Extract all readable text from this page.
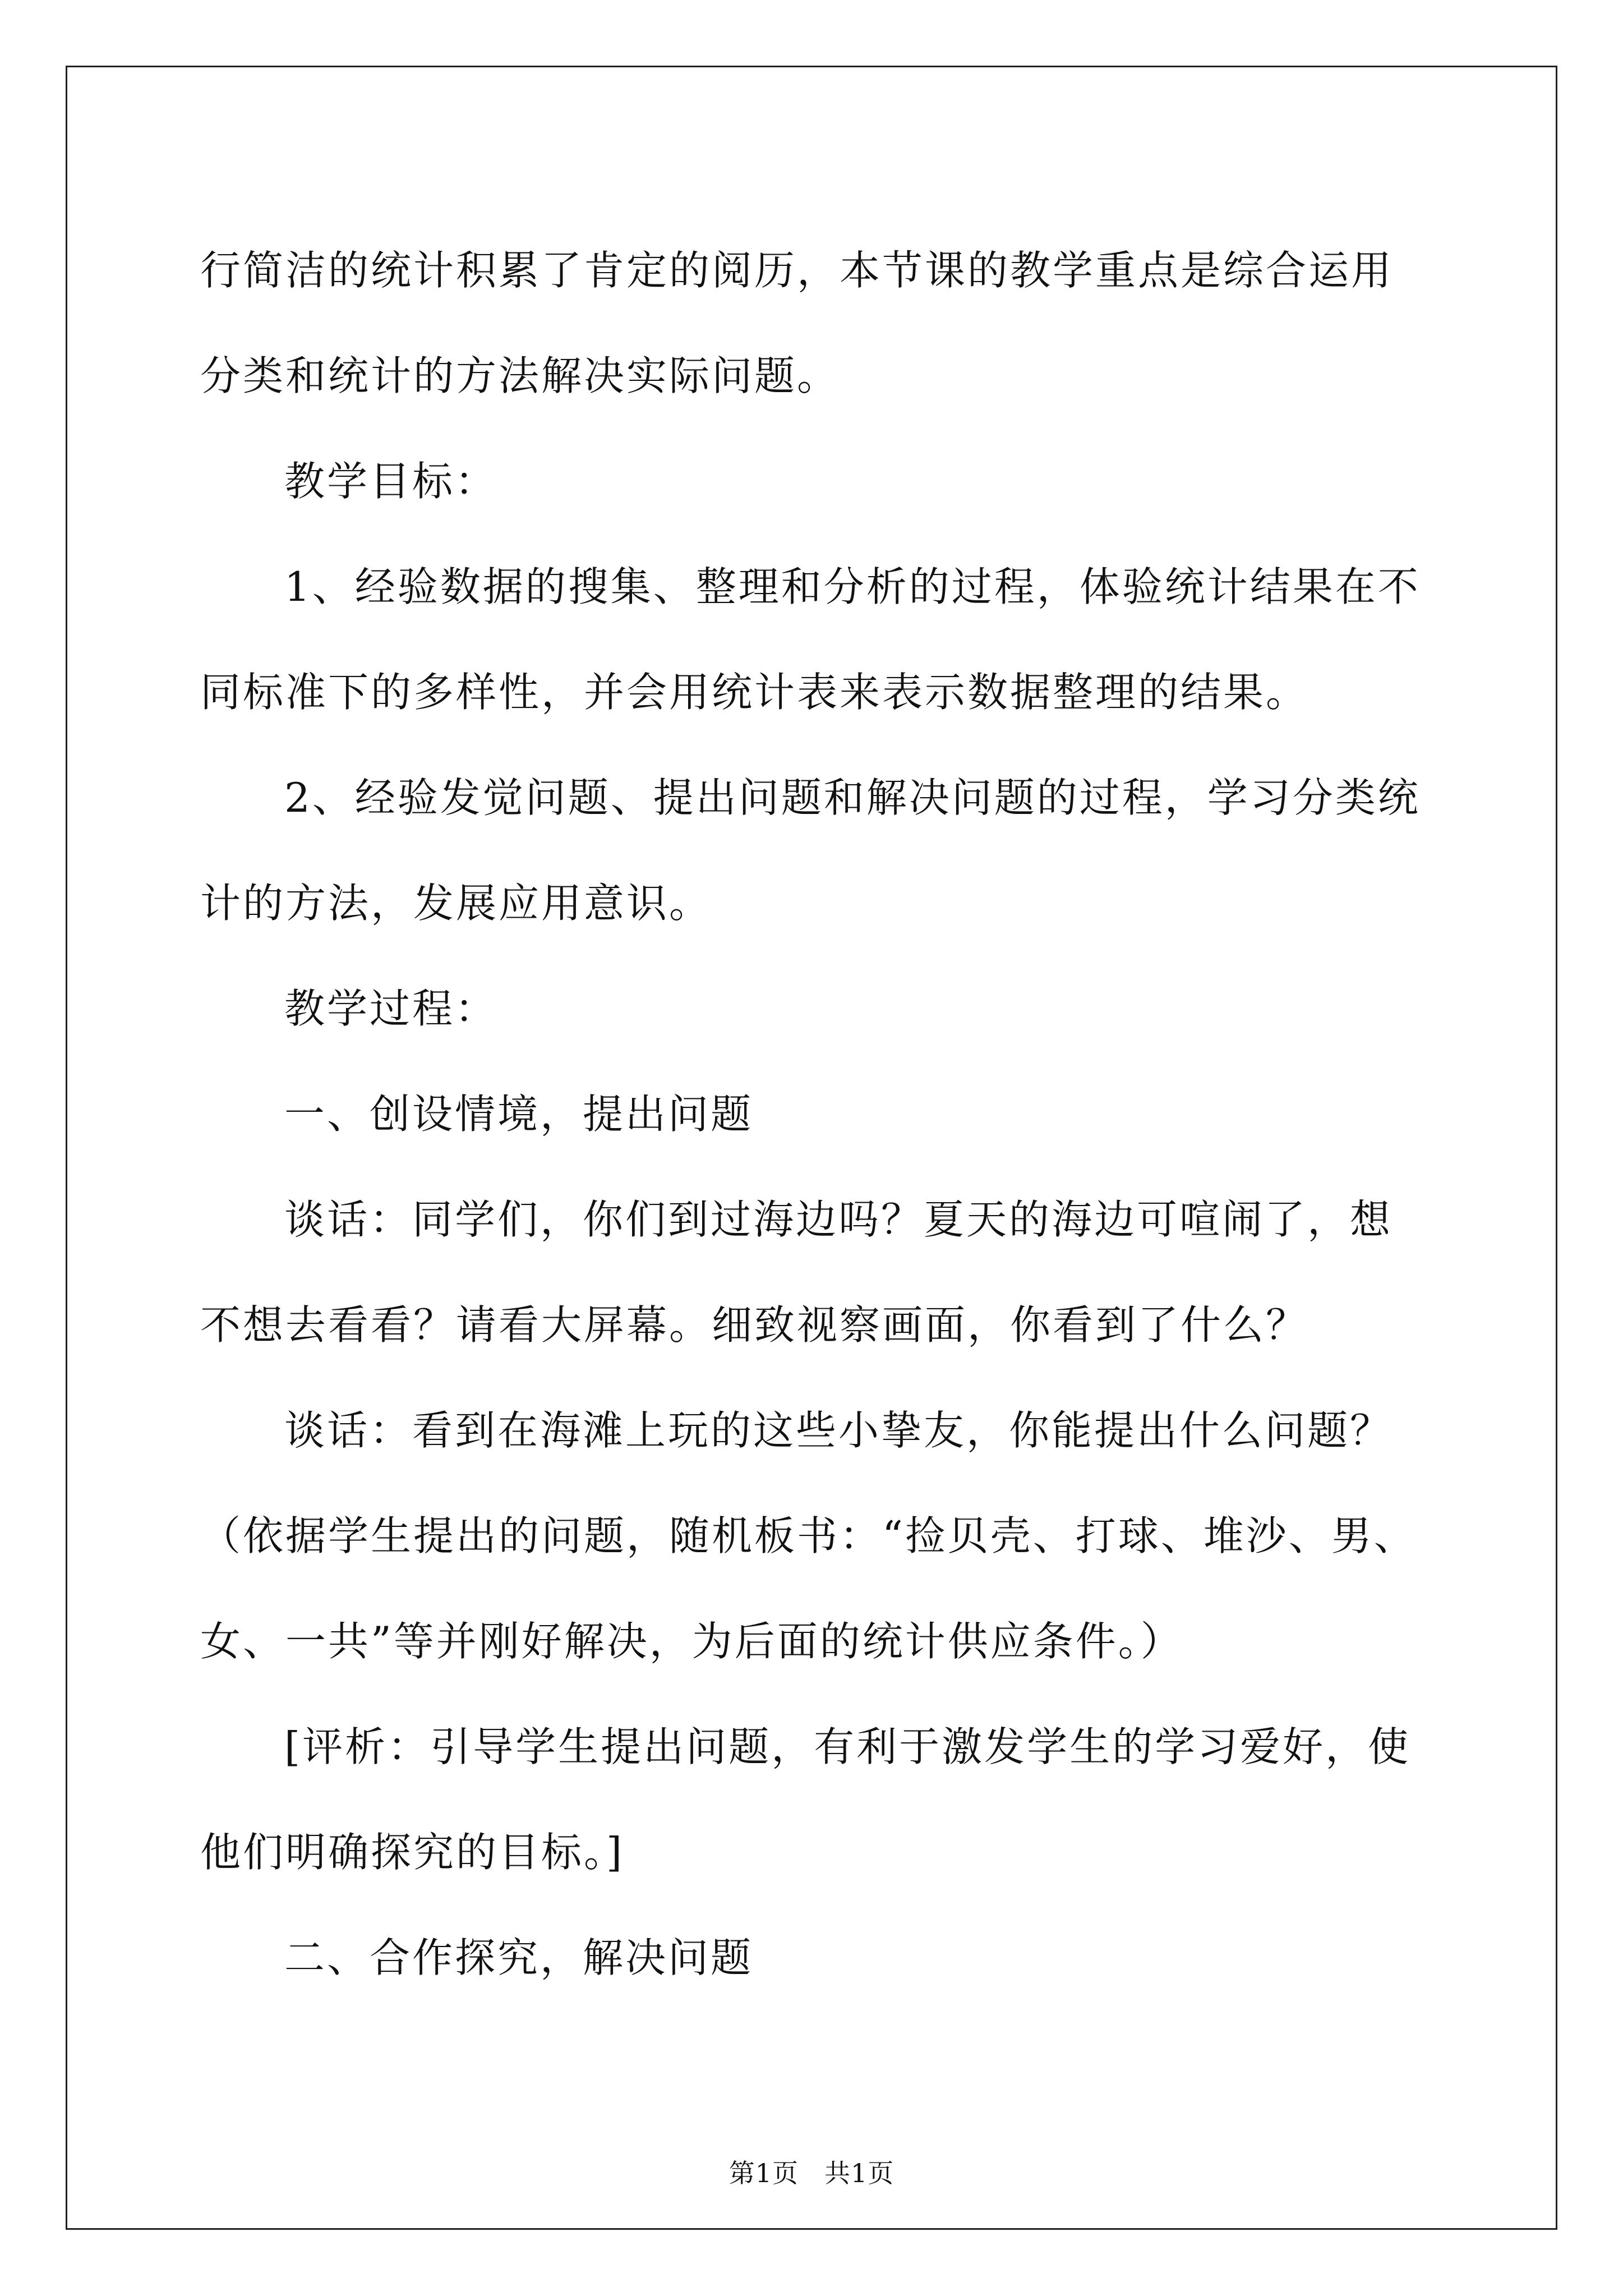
行简洁的统计积累了肯定的阅历，本节课的教学重点是综合运用分类和统计的方法解决实际问题。

教学目标：

1、经验数据的搜集、整理和分析的过程，体验统计结果在不同标准下的多样性，并会用统计表来表示数据整理的结果。

2、经验发觉问题、提出问题和解决问题的过程，学习分类统计的方法，发展应用意识。

教学过程：

一、创设情境，提出问题

谈话：同学们，你们到过海边吗？夏天的海边可喧闹了，想不想去看看？请看大屏幕。细致视察画面，你看到了什么？

谈话：看到在海滩上玩的这些小挚友，你能提出什么问题？（依据学生提出的问题，随机板书：“捡贝壳、打球、堆沙、男、女、一共”等并刚好解决，为后面的统计供应条件。）

[评析：引导学生提出问题，有利于激发学生的学习爱好，使他们明确探究的目标。]

二、合作探究，解决问题

第1页 共1页
